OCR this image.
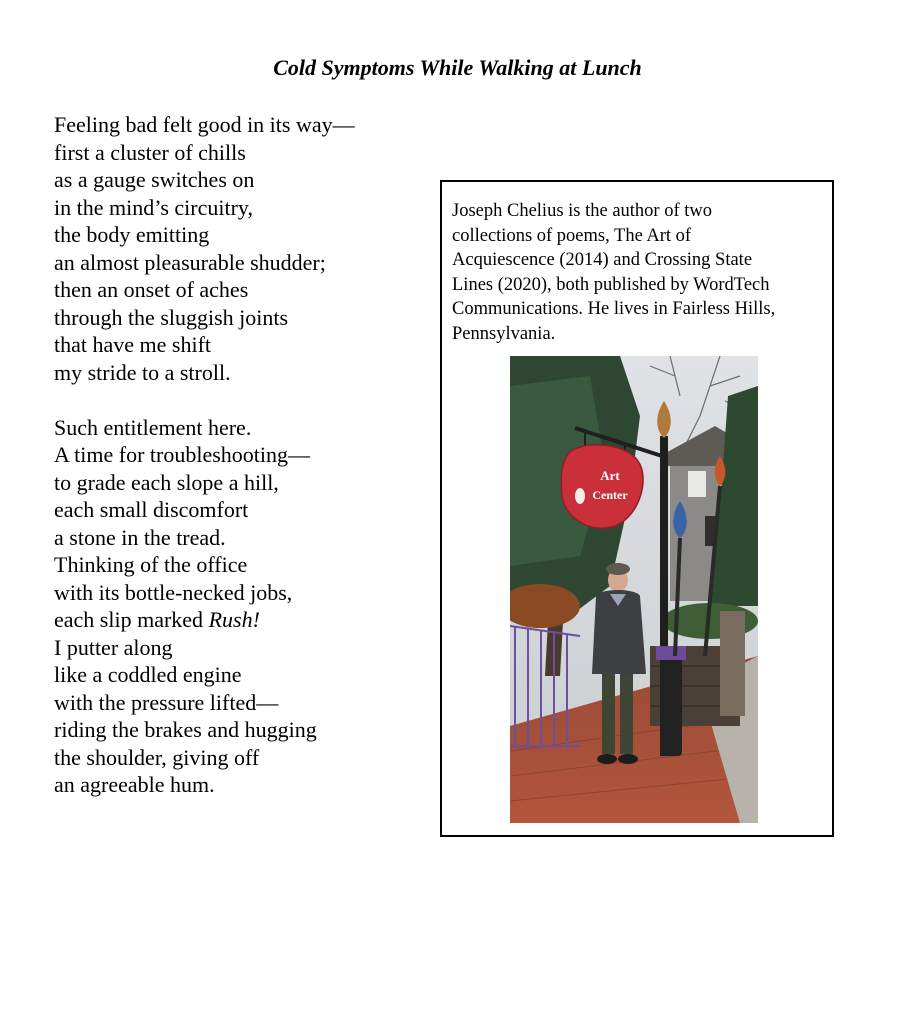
Cold Symptoms While Walking at Lunch
Feeling bad felt good in its way—
first a cluster of chills
as a gauge switches on
in the mind’s circuitry,
the body emitting
an almost pleasurable shudder;
then an onset of aches
through the sluggish joints
that have me shift
my stride to a stroll.
Such entitlement here.
A time for troubleshooting—
to grade each slope a hill,
each small discomfort
a stone in the tread.
Thinking of the office
with its bottle-necked jobs,
each slip marked Rush!
I putter along
like a coddled engine
with the pressure lifted—
riding the brakes and hugging
the shoulder, giving off
an agreeable hum.
Joseph Chelius is the author of two
collections of poems, The Art of
Acquiescence (2014) and Crossing State
Lines (2020), both published by WordTech
Communications. He lives in Fairless Hills,
Pennsylvania.
Art
Center
